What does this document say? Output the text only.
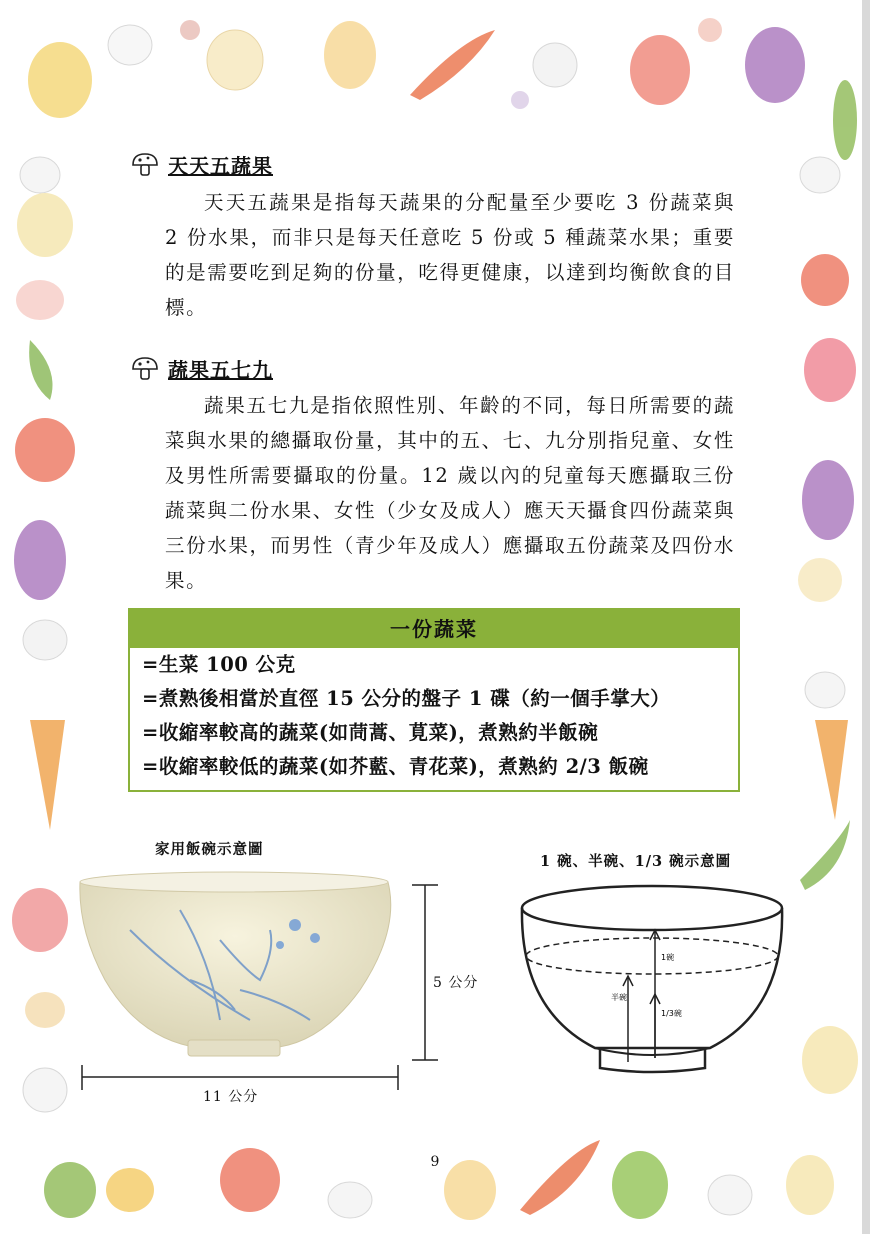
天天五蔬果
天天五蔬果是指每天蔬果的分配量至少要吃 3 份蔬菜與 2 份水果，而非只是每天任意吃 5 份或 5 種蔬菜水果；重要的是需要吃到足夠的份量，吃得更健康，以達到均衡飲食的目標。
蔬果五七九
蔬果五七九是指依照性別、年齡的不同，每日所需要的蔬菜與水果的總攝取份量，其中的五、七、九分別指兒童、女性及男性所需要攝取的份量。12 歲以內的兒童每天應攝取三份蔬菜與二份水果、女性（少女及成人）應天天攝食四份蔬菜與三份水果，而男性（青少年及成人）應攝取五份蔬菜及四份水果。
一份蔬菜
=生菜 100 公克
=煮熟後相當於直徑 15 公分的盤子 1 碟（約一個手掌大）
=收縮率較高的蔬菜(如茼蒿、莧菜)，煮熟約半飯碗
=收縮率較低的蔬菜(如芥藍、青花菜)，煮熟約 2/3 飯碗
家用飯碗示意圖
5 公分
11 公分
1 碗、半碗、1/3 碗示意圖
1碗
半碗
1/3碗
9
